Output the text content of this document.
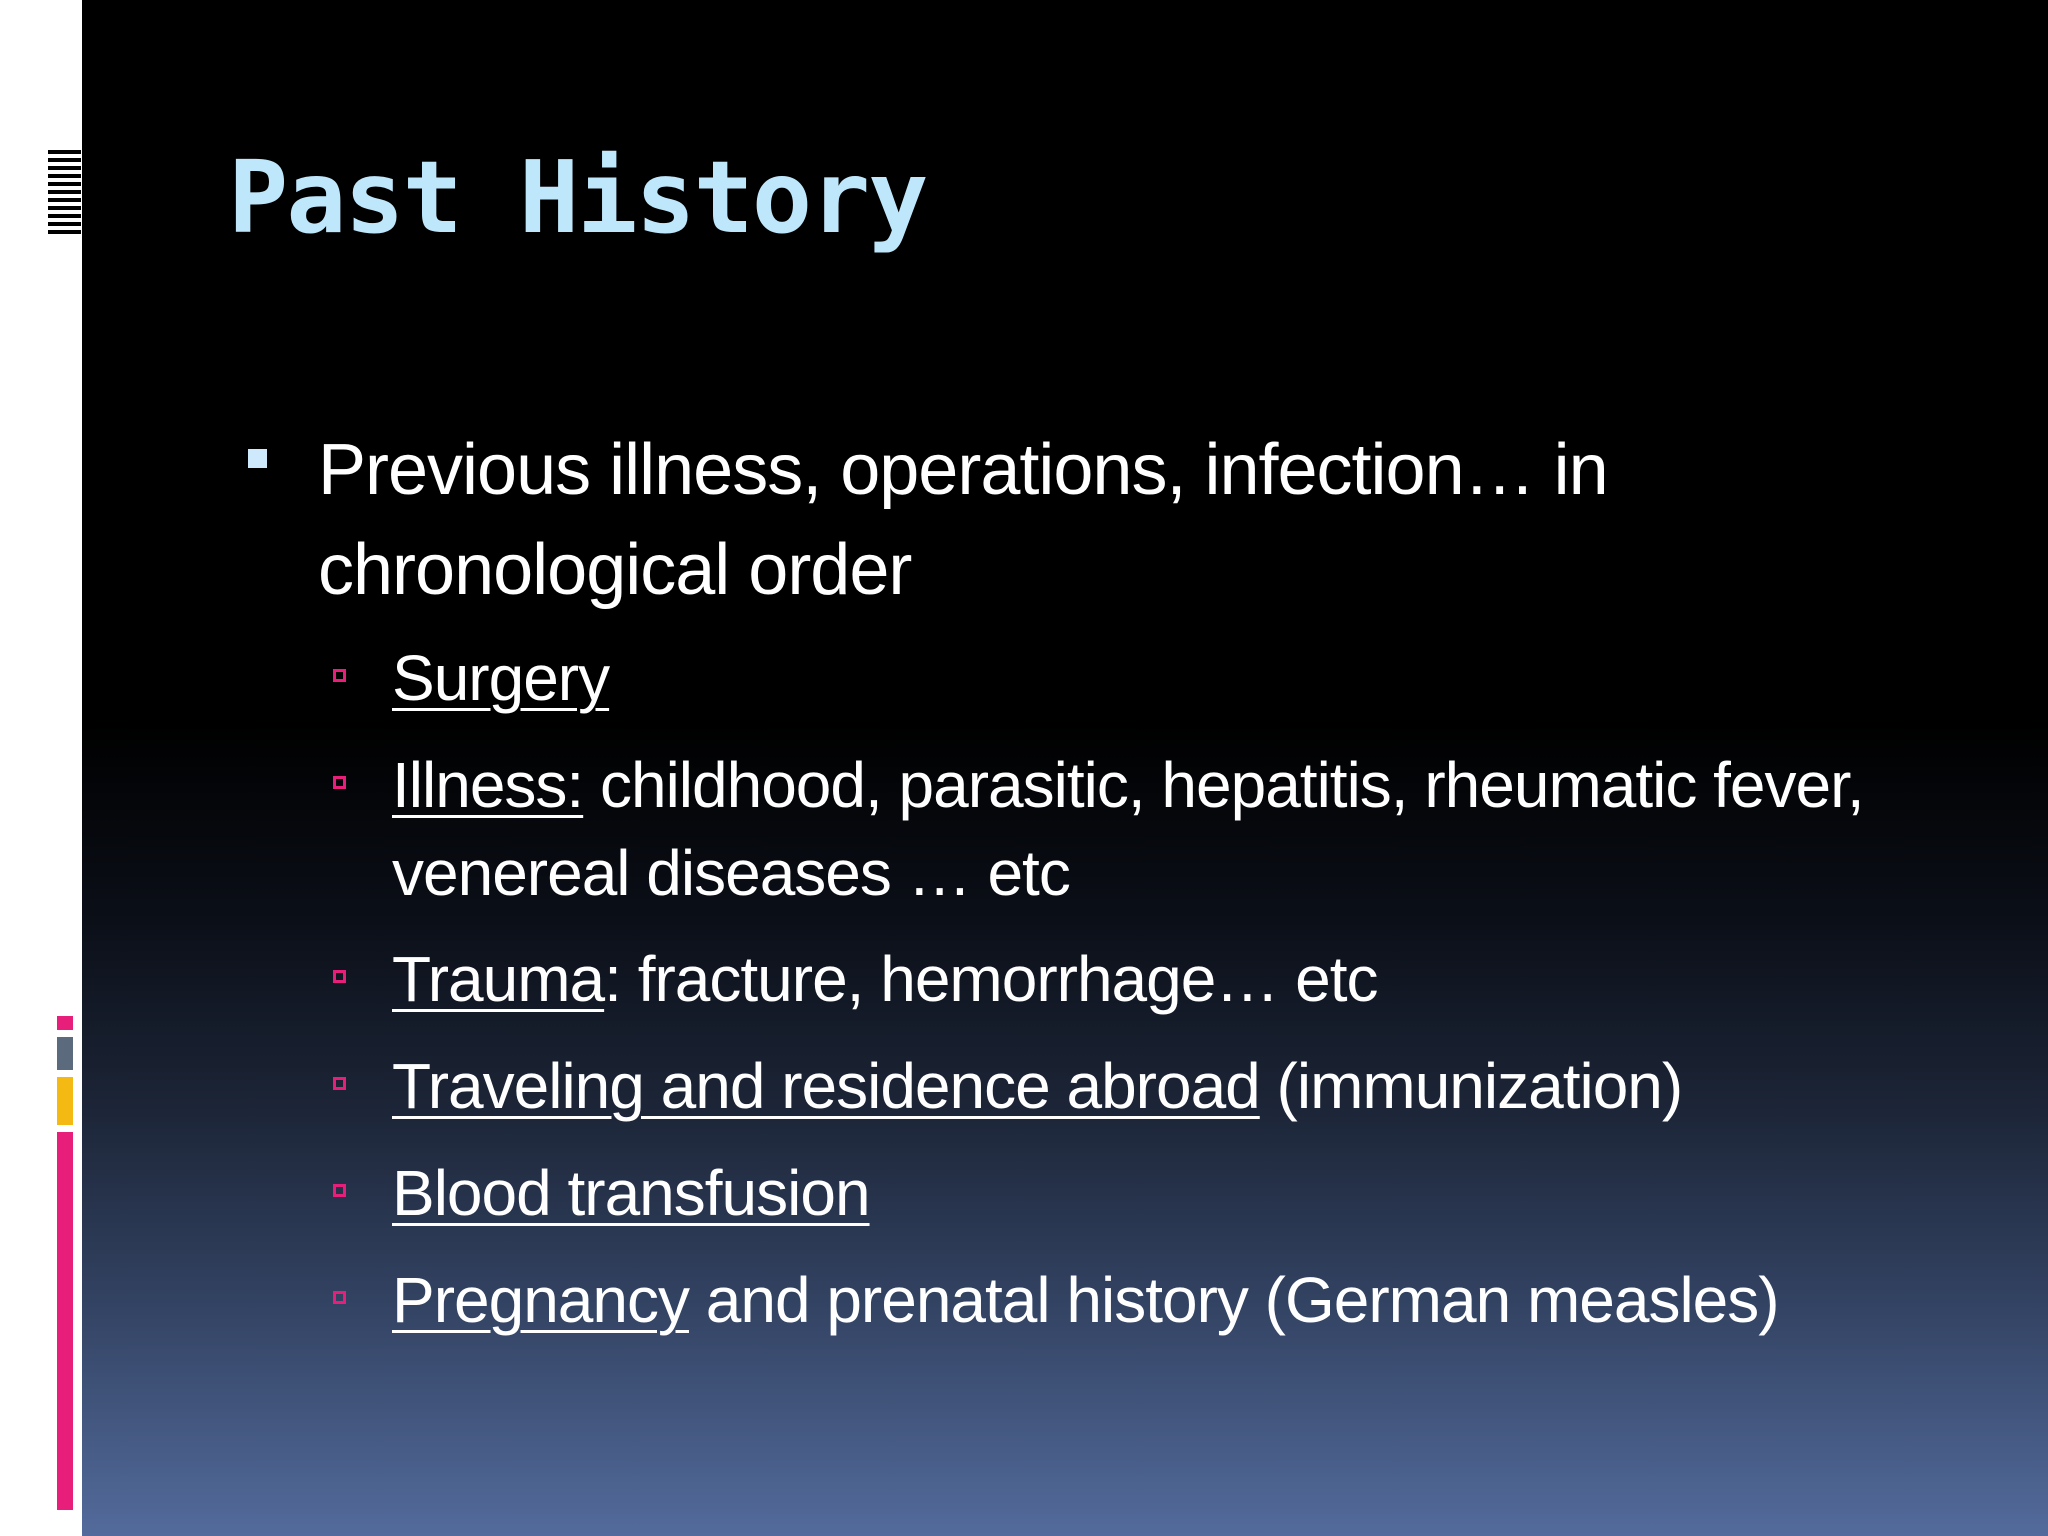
Past History
Previous illness, operations, infection… in chronological order
Surgery
Illness: childhood, parasitic, hepatitis, rheumatic fever, venereal diseases … etc
Trauma: fracture, hemorrhage… etc
Traveling and residence abroad (immunization)
Blood transfusion
Pregnancy and prenatal history (German measles)
